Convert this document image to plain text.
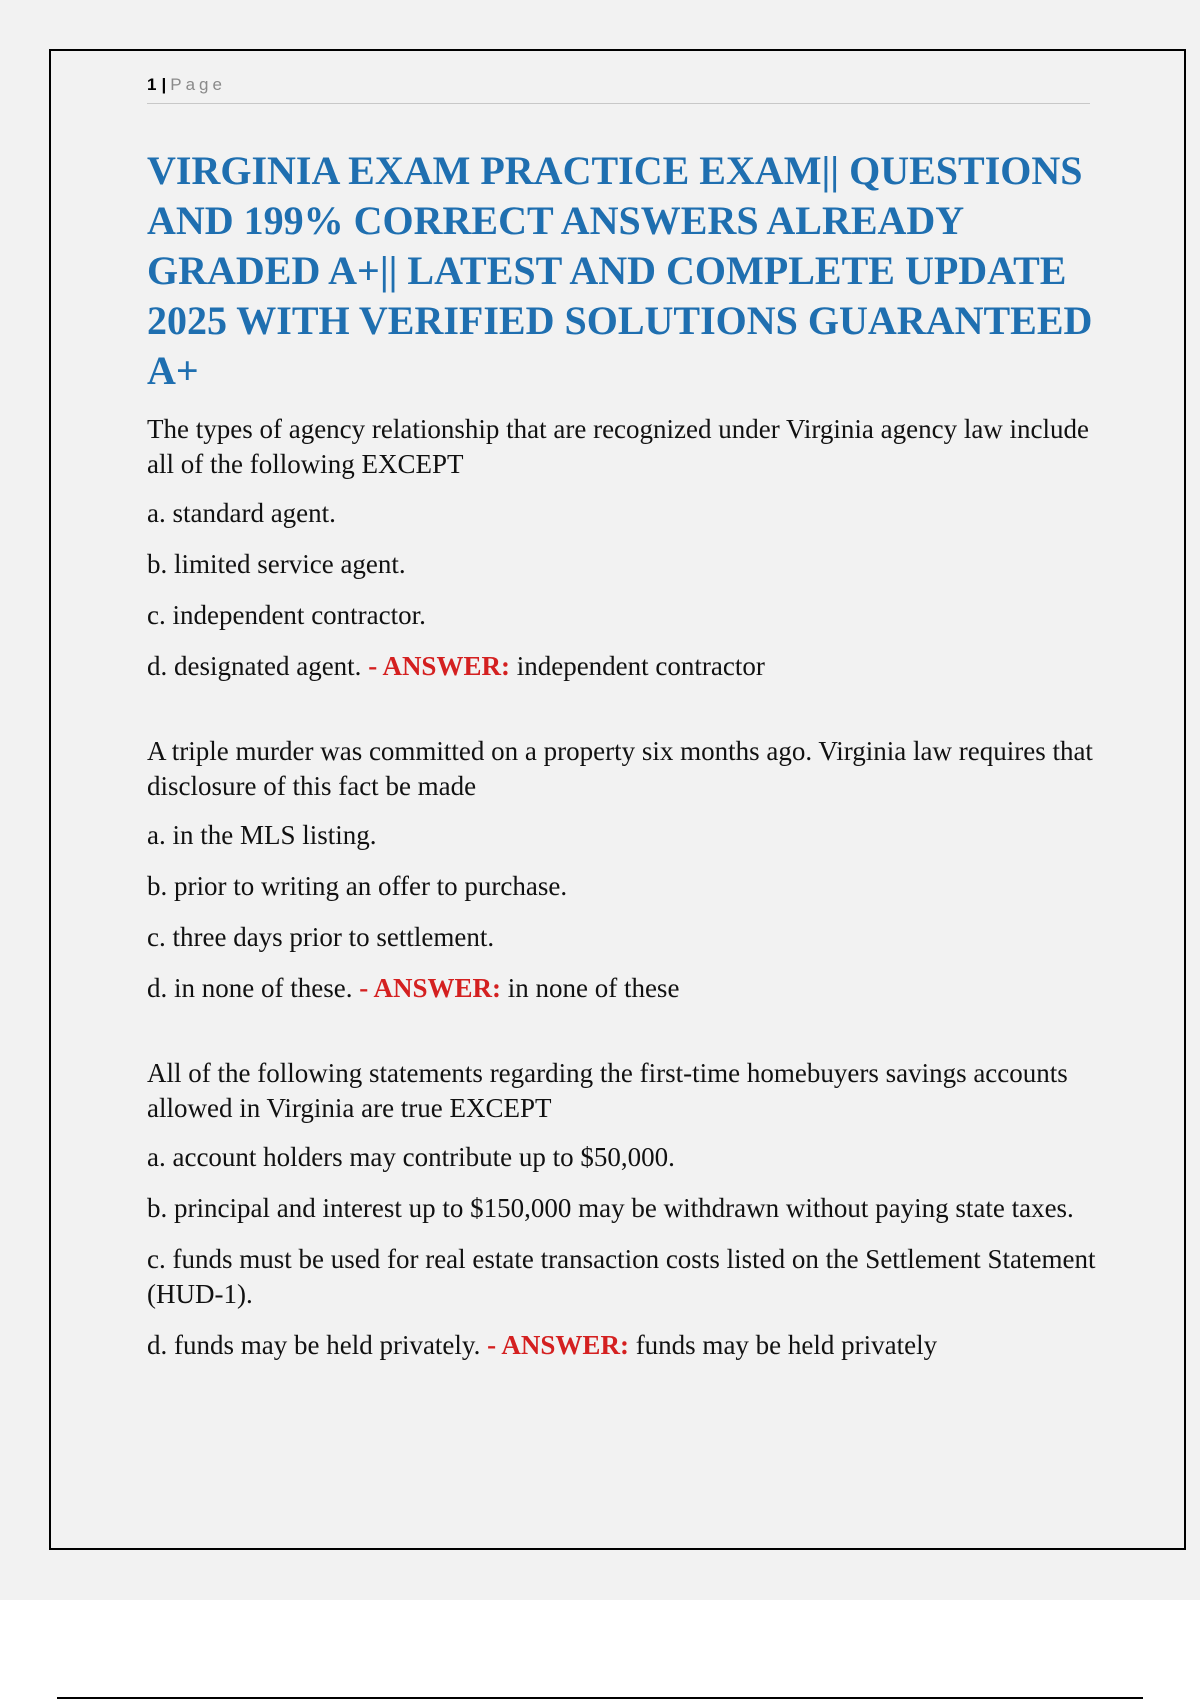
1 | Page
VIRGINIA EXAM PRACTICE EXAM|| QUESTIONS AND 199% CORRECT ANSWERS ALREADY GRADED A+|| LATEST AND COMPLETE UPDATE 2025 WITH VERIFIED SOLUTIONS GUARANTEED A+

The types of agency relationship that are recognized under Virginia agency law include all of the following EXCEPT

a. standard agent.

b. limited service agent.

c. independent contractor.

d. designated agent. - ANSWER: independent contractor

A triple murder was committed on a property six months ago. Virginia law requires that disclosure of this fact be made

a. in the MLS listing.

b. prior to writing an offer to purchase.

c. three days prior to settlement.

d. in none of these. - ANSWER: in none of these

All of the following statements regarding the first-time homebuyers savings accounts allowed in Virginia are true EXCEPT

a. account holders may contribute up to $50,000.

b. principal and interest up to $150,000 may be withdrawn without paying state taxes.

c. funds must be used for real estate transaction costs listed on the Settlement Statement (HUD-1).

d. funds may be held privately. - ANSWER: funds may be held privately
